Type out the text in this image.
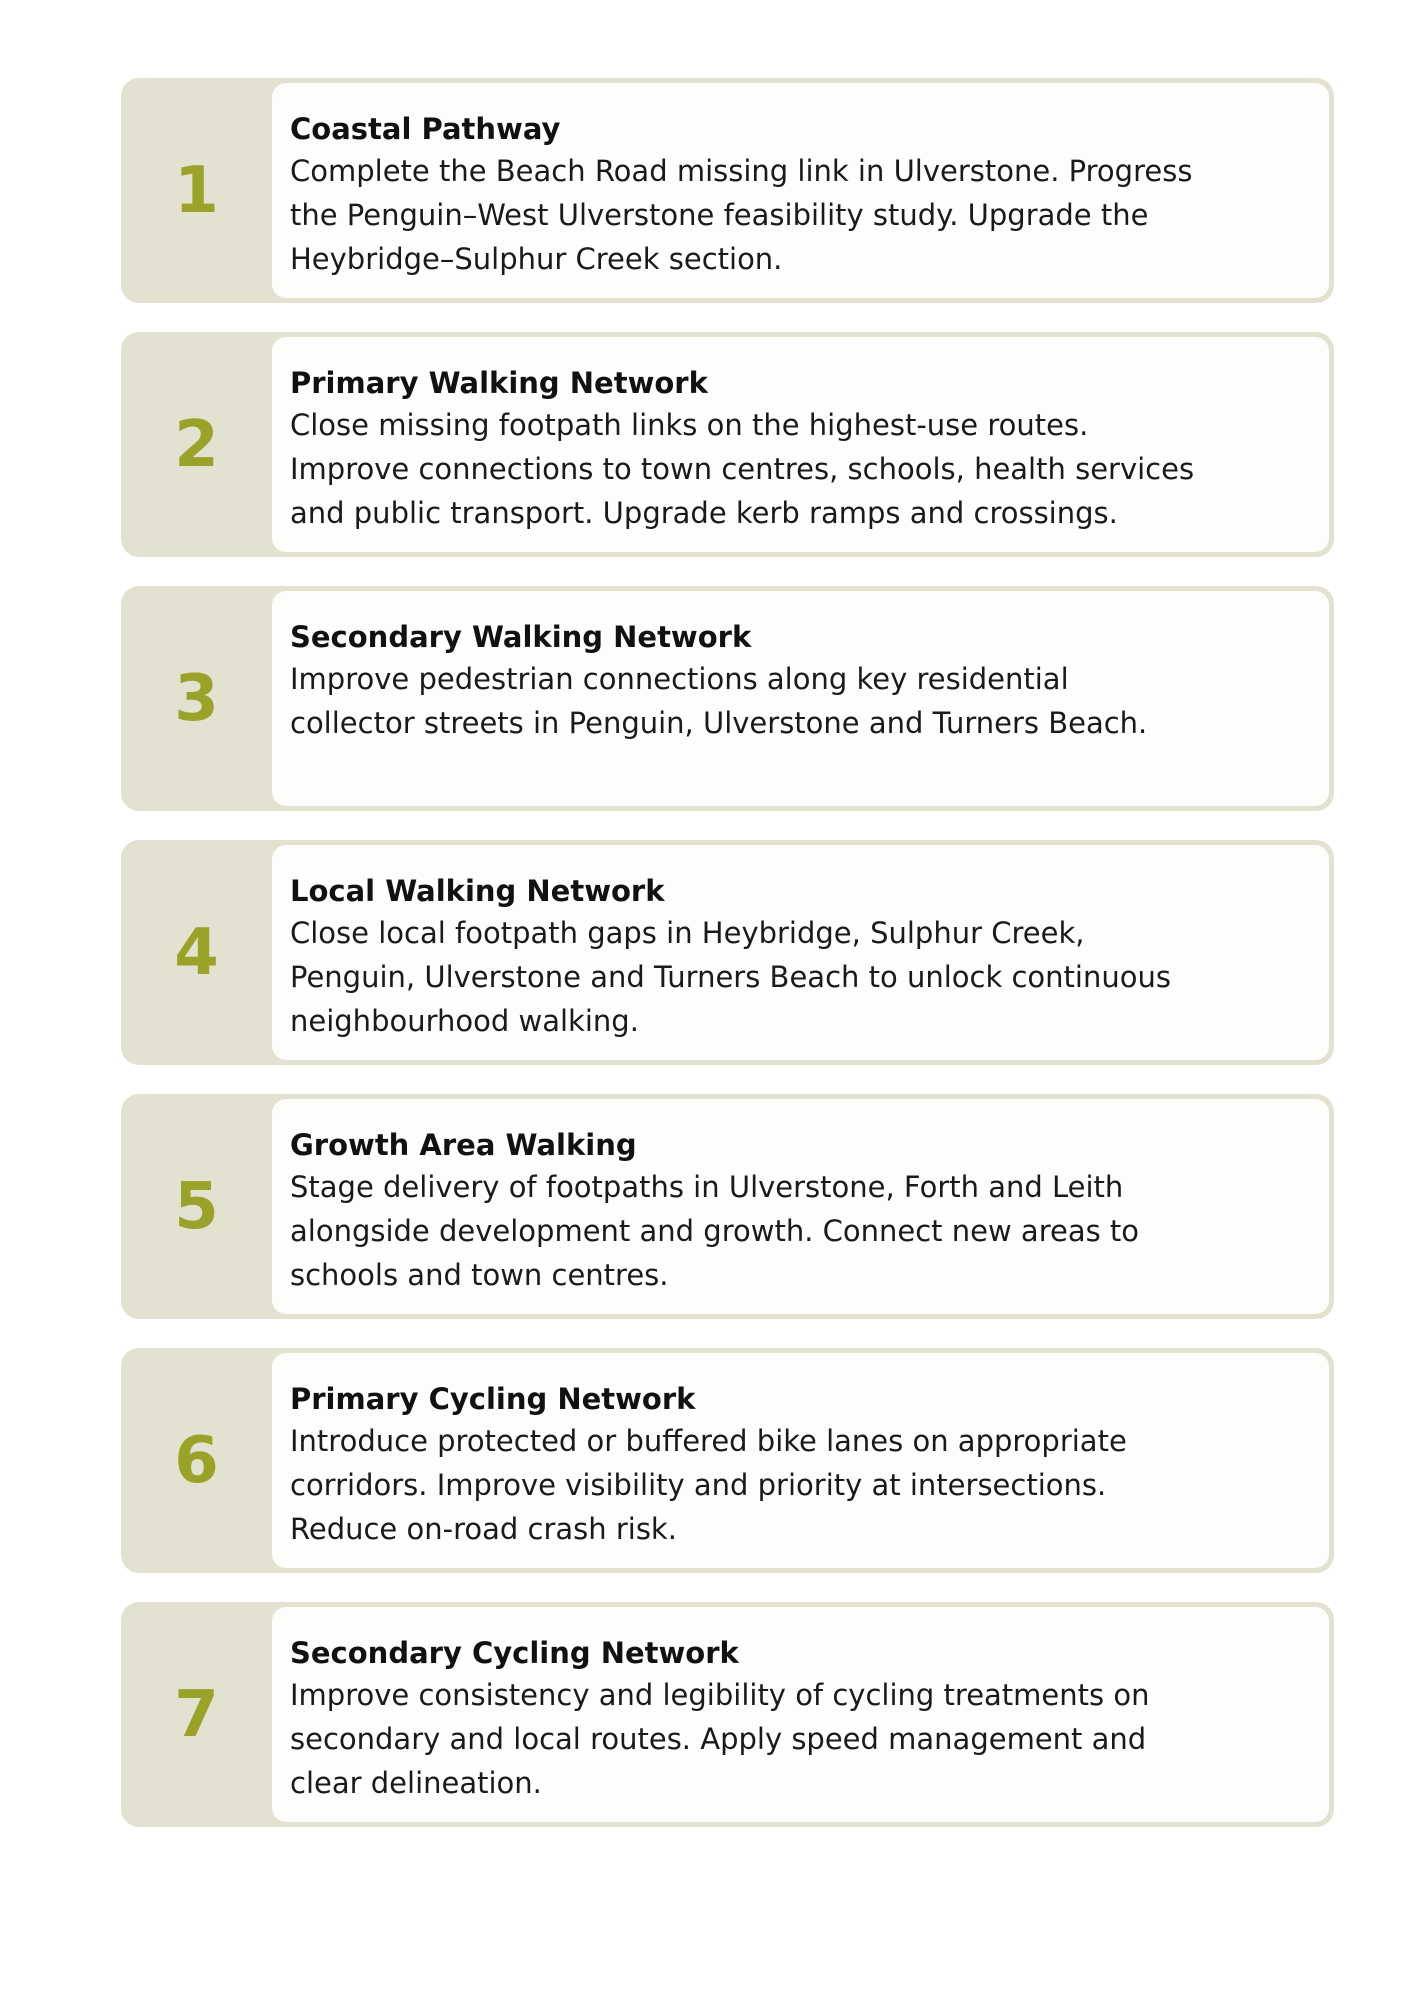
1

Coastal Pathway

Complete the Beach Road missing link in Ulverstone. Progress
the Penguin–West Ulverstone feasibility study. Upgrade the
Heybridge–Sulphur Creek section.

2

Primary Walking Network

Close missing footpath links on the highest-use routes.
Improve connections to town centres, schools, health services
and public transport. Upgrade kerb ramps and crossings.

3

Secondary Walking Network

Improve pedestrian connections along key residential
collector streets in Penguin, Ulverstone and Turners Beach.

4

Local Walking Network

Close local footpath gaps in Heybridge, Sulphur Creek,
Penguin, Ulverstone and Turners Beach to unlock continuous
neighbourhood walking.

5

Growth Area Walking

Stage delivery of footpaths in Ulverstone, Forth and Leith
alongside development and growth. Connect new areas to
schools and town centres.

6

Primary Cycling Network

Introduce protected or buffered bike lanes on appropriate
corridors. Improve visibility and priority at intersections.
Reduce on-road crash risk.

7

Secondary Cycling Network

Improve consistency and legibility of cycling treatments on
secondary and local routes. Apply speed management and
clear delineation.
